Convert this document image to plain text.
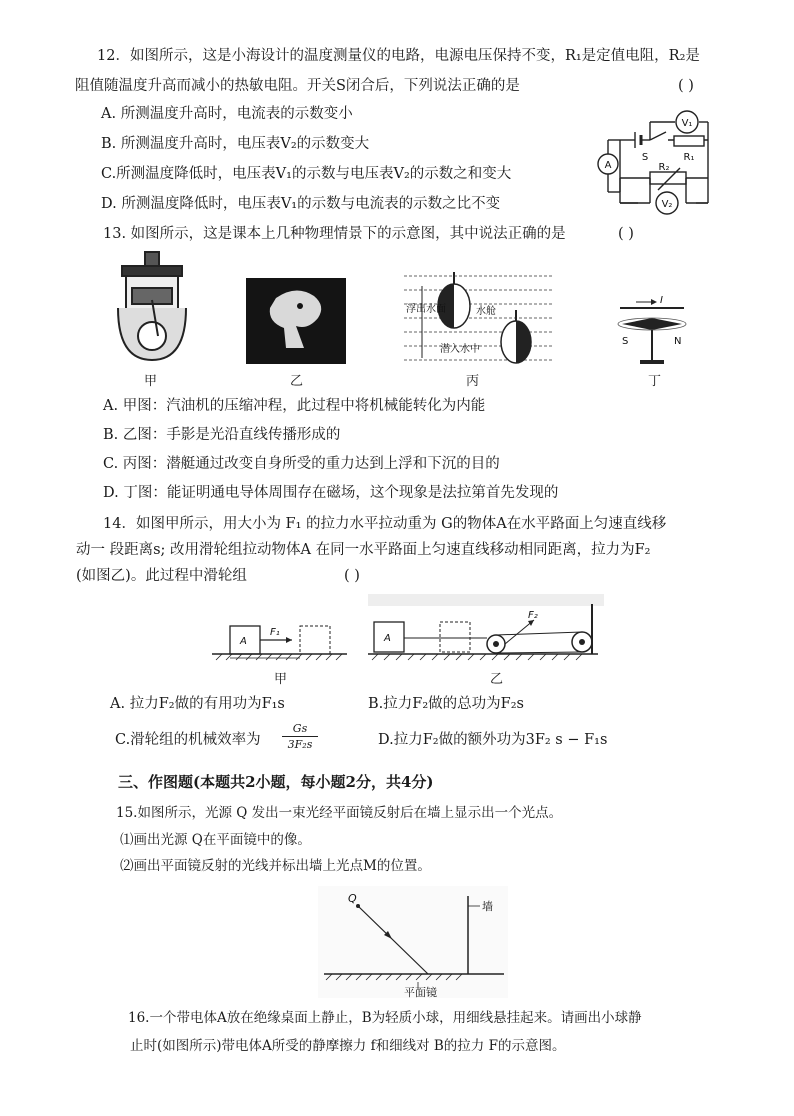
12．如图所示，这是小海设计的温度测量仪的电路，电源电压保持不变，R₁是定值电阻，R₂是
阻值随温度升高而减小的热敏电阻。开关S闭合后，下列说法正确的是	( )
A. 所测温度升高时，电流表的示数变小
B. 所测温度升高时，电压表V₂的示数变大
C.所测温度降低时，电压表V₁的示数与电压表V₂的示数之和变大
D. 所测温度降低时，电压表V₁的示数与电流表的示数之比不变
V₁
A
V₂
S	R₁
R₂
13. 如图所示，这是课本上几种物理情景下的示意图，其中说法正确的是	( )
甲	乙
浮出水面	水舱
潜入水中
丙
I
S	N
丁
A. 甲图：汽油机的压缩冲程，此过程中将机械能转化为内能
B. 乙图：手影是光沿直线传播形成的
C. 丙图：潜艇通过改变自身所受的重力达到上浮和下沉的目的
D. 丁图：能证明通电导体周围存在磁场，这个现象是法拉第首先发现的
14．如图甲所示，用大小为 F₁ 的拉力水平拉动重为 G的物体A在水平路面上匀速直线移
动一 段距离s; 改用滑轮组拉动物体A 在同一水平路面上匀速直线移动相同距离，拉力为F₂
(如图乙)。此过程中滑轮组	( )
A
F₁
甲
A
F₂
乙
A. 拉力F₂做的有用功为F₁s	B.拉力F₂做的总功为F₂s
C.滑轮组的机械效率为
Gs
3F₂s	D.拉力F₂做的额外功为3F₂ s − F₁s
三、作图题(本题共2小题，每小题2分，共4分)
15.如图所示，光源 Q 发出一束光经平面镜反射后在墙上显示出一个光点。
⑴画出光源 Q在平面镜中的像。
⑵画出平面镜反射的光线并标出墙上光点M的位置。
Q
墙
平面镜
16.一个带电体A放在绝缘桌面上静止，B为轻质小球，用细线悬挂起来。请画出小球静
止时(如图所示)带电体A所受的静摩擦力 f和细线对 B的拉力 F的示意图。
